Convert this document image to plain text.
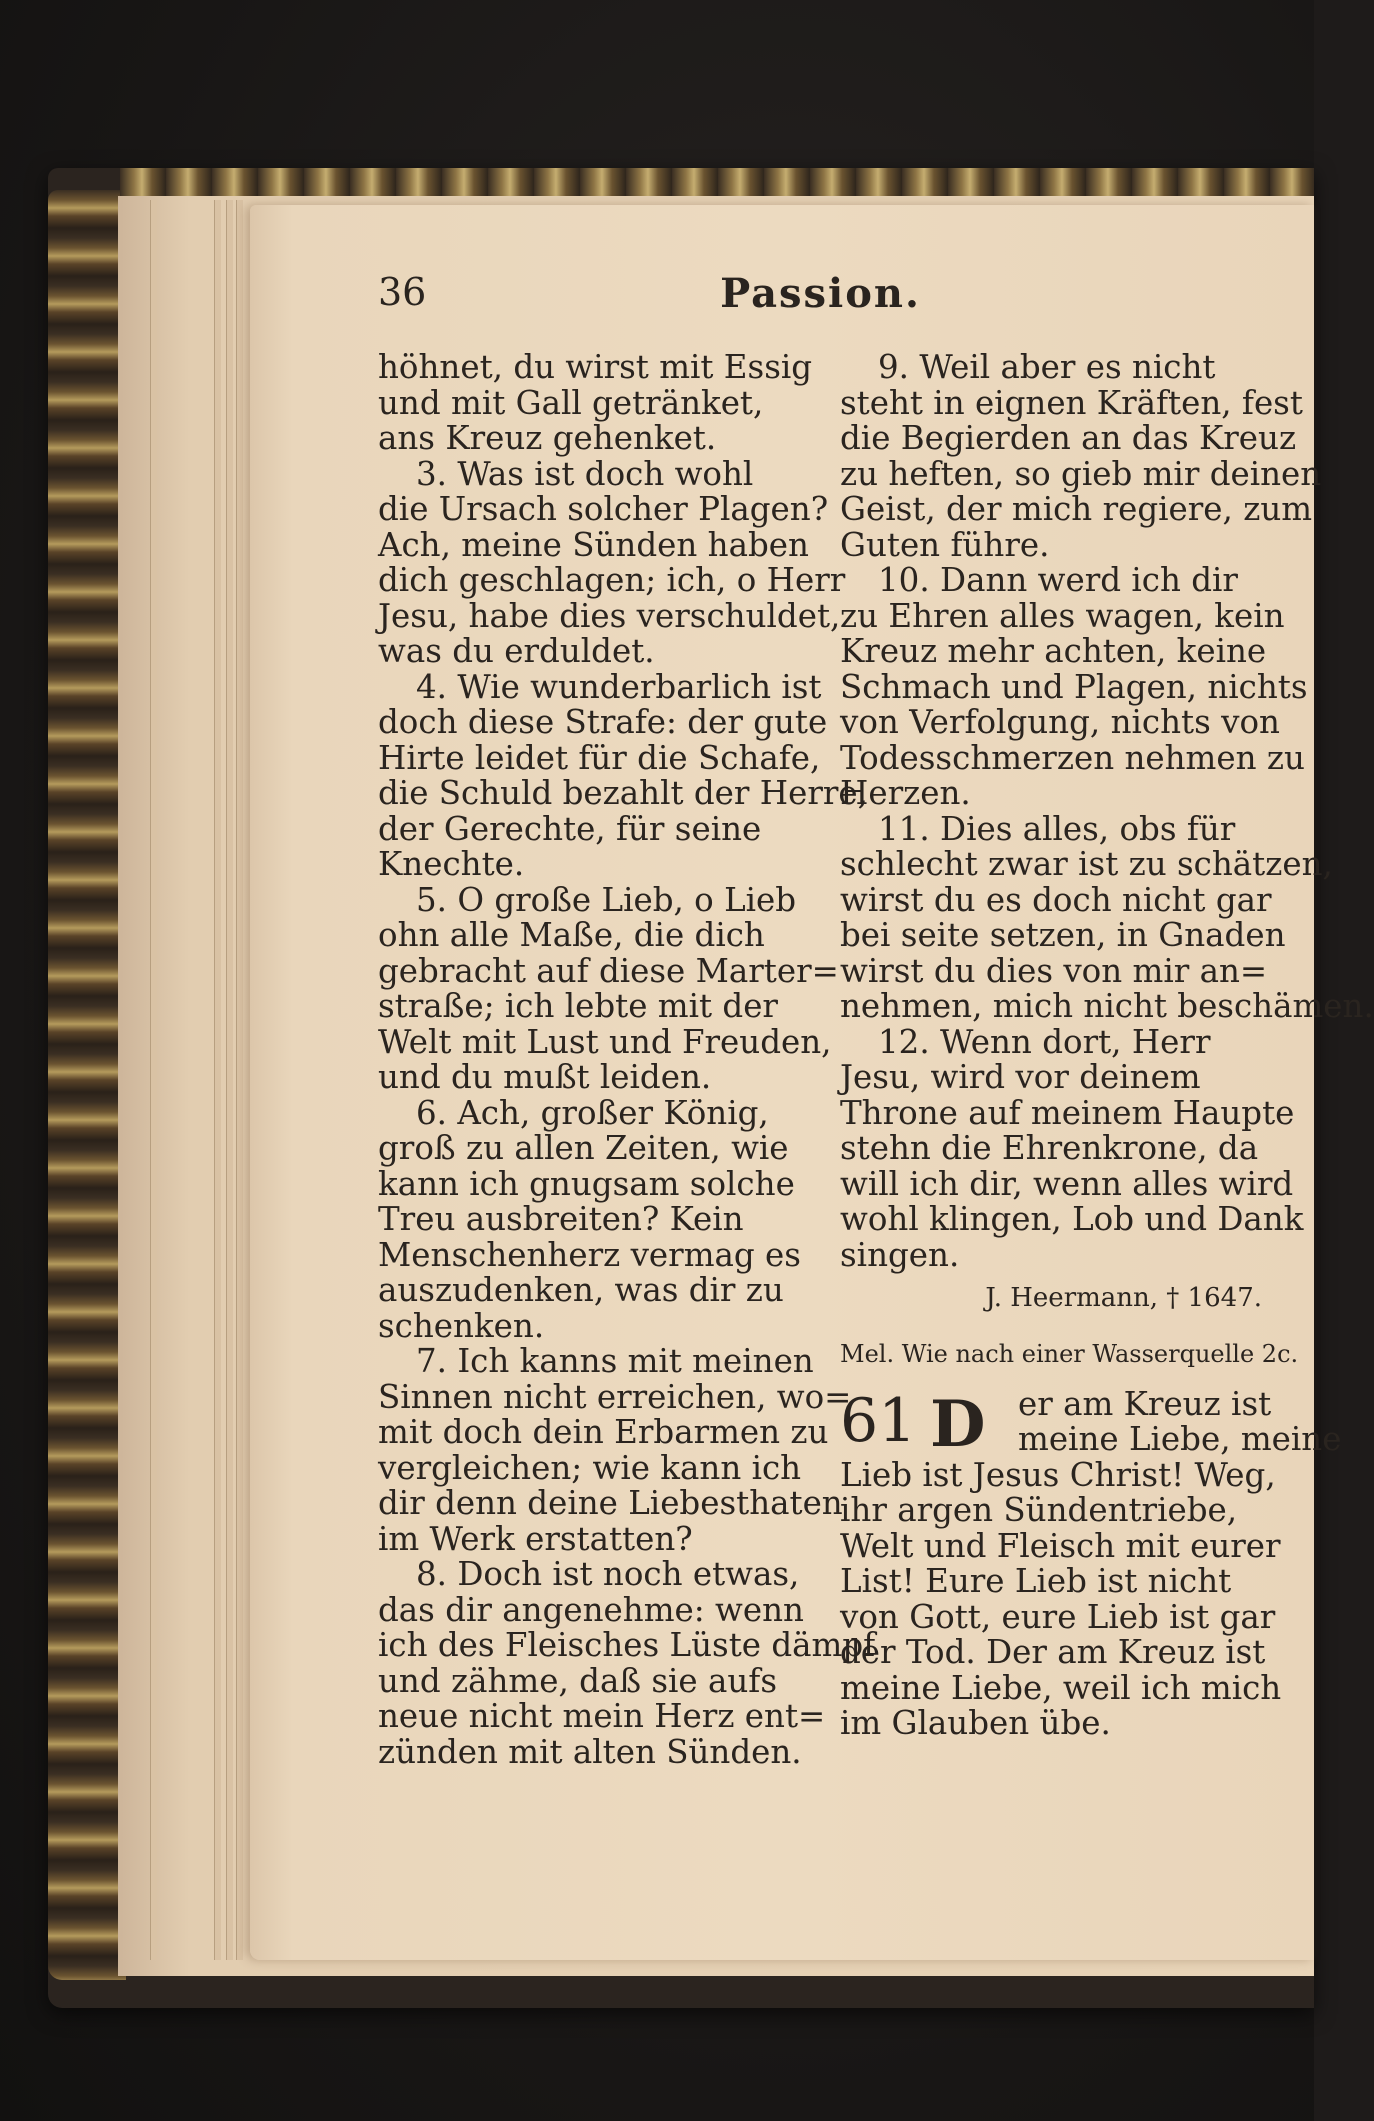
36	Passion.
höhnet, du wirst mit Essig
und mit Gall getränket,
ans Kreuz gehenket.
3. Was ist doch wohl
die Ursach solcher Plagen?
Ach, meine Sünden haben
dich geschlagen; ich, o Herr
Jesu, habe dies verschuldet,
was du erduldet.
4. Wie wunderbarlich ist
doch diese Strafe: der gute
Hirte leidet für die Schafe,
die Schuld bezahlt der Herre,
der Gerechte, für seine
Knechte.
5. O große Lieb, o Lieb
ohn alle Maße, die dich
gebracht auf diese Marter=
straße; ich lebte mit der
Welt mit Lust und Freuden,
und du mußt leiden.
6. Ach, großer König,
groß zu allen Zeiten, wie
kann ich gnugsam solche
Treu ausbreiten? Kein
Menschenherz vermag es
auszudenken, was dir zu
schenken.
7. Ich kanns mit meinen
Sinnen nicht erreichen, wo=
mit doch dein Erbarmen zu
vergleichen; wie kann ich
dir denn deine Liebesthaten
im Werk erstatten?
8. Doch ist noch etwas,
das dir angenehme: wenn
ich des Fleisches Lüste dämpf
und zähme, daß sie aufs
neue nicht mein Herz ent=
zünden mit alten Sünden.
9. Weil aber es nicht
steht in eignen Kräften, fest
die Begierden an das Kreuz
zu heften, so gieb mir deinen
Geist, der mich regiere, zum
Guten führe.
10. Dann werd ich dir
zu Ehren alles wagen, kein
Kreuz mehr achten, keine
Schmach und Plagen, nichts
von Verfolgung, nichts von
Todesschmerzen nehmen zu
Herzen.
11. Dies alles, obs für
schlecht zwar ist zu schätzen,
wirst du es doch nicht gar
bei seite setzen, in Gnaden
wirst du dies von mir an=
nehmen, mich nicht beschämen.
12. Wenn dort, Herr
Jesu, wird vor deinem
Throne auf meinem Haupte
stehn die Ehrenkrone, da
will ich dir, wenn alles wird
wohl klingen, Lob und Dank
singen.
J. Heermann, † 1647.
Mel. Wie nach einer Wasserquelle 2c.
61 D	er am Kreuz ist
meine Liebe, meine
Lieb ist Jesus Christ! Weg,
ihr argen Sündentriebe,
Welt und Fleisch mit eurer
List! Eure Lieb ist nicht
von Gott, eure Lieb ist gar
der Tod. Der am Kreuz ist
meine Liebe, weil ich mich
im Glauben übe.
